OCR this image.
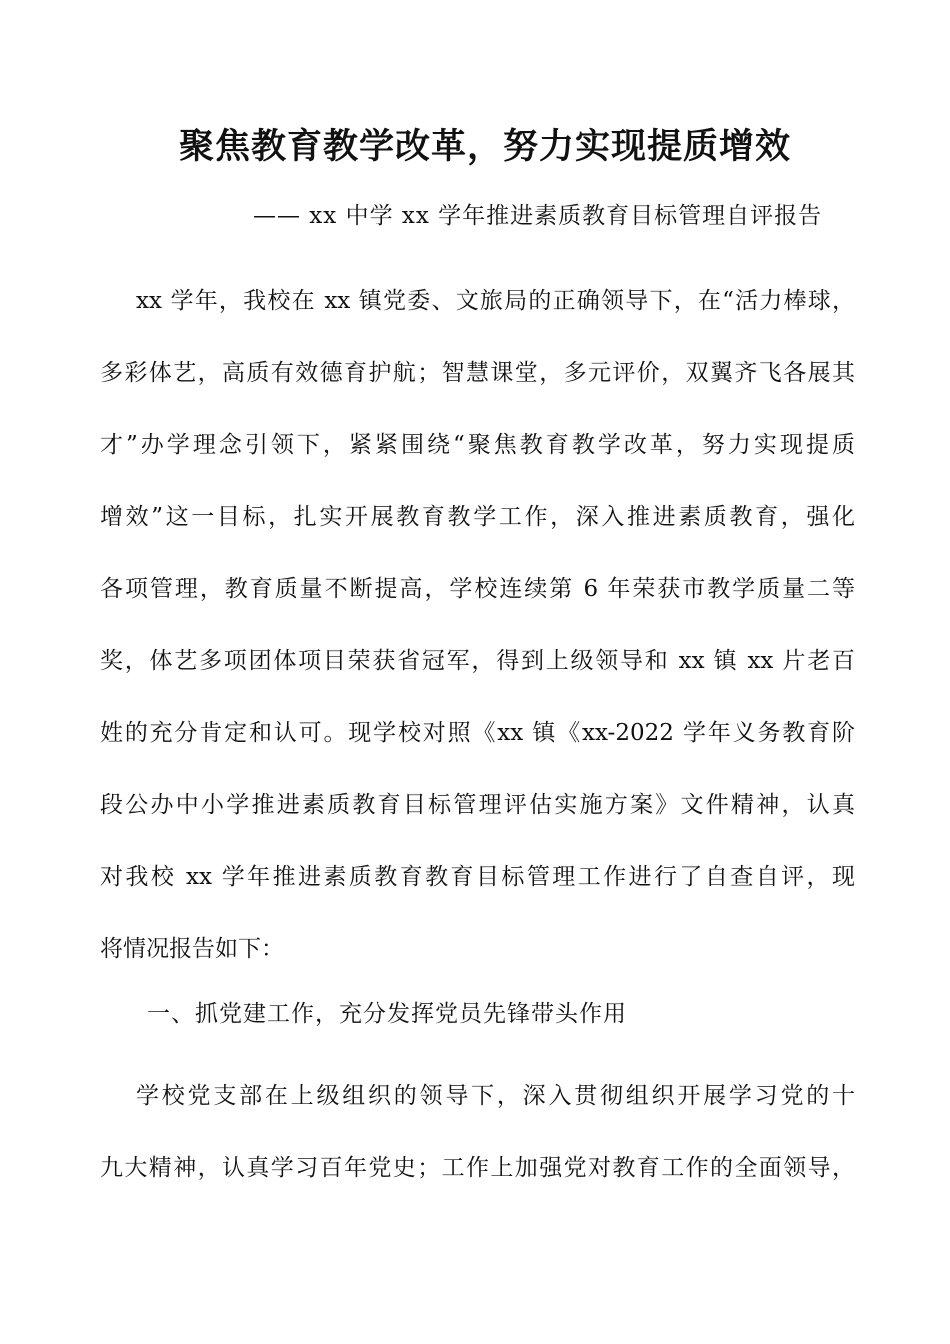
聚焦教育教学改革，努力实现提质增效
—— xx 中学 xx 学年推进素质教育目标管理自评报告
xx 学年，我校在 xx 镇党委、文旅局的正确领导下，在“活力棒球，
多彩体艺，高质有效德育护航；智慧课堂，多元评价，双翼齐飞各展其
才”办学理念引领下，紧紧围绕“聚焦教育教学改革，努力实现提质
增效”这一目标，扎实开展教育教学工作，深入推进素质教育，强化
各项管理，教育质量不断提高，学校连续第 6 年荣获市教学质量二等
奖，体艺多项团体项目荣获省冠军，得到上级领导和 xx 镇 xx 片老百
姓的充分肯定和认可。现学校对照《xx 镇《xx-2022 学年义务教育阶
段公办中小学推进素质教育目标管理评估实施方案》文件精神，认真
对我校 xx 学年推进素质教育教育目标管理工作进行了自查自评，现
将情况报告如下：
一、抓党建工作，充分发挥党员先锋带头作用
学校党支部在上级组织的领导下，深入贯彻组织开展学习党的十
九大精神，认真学习百年党史；工作上加强党对教育工作的全面领导，
